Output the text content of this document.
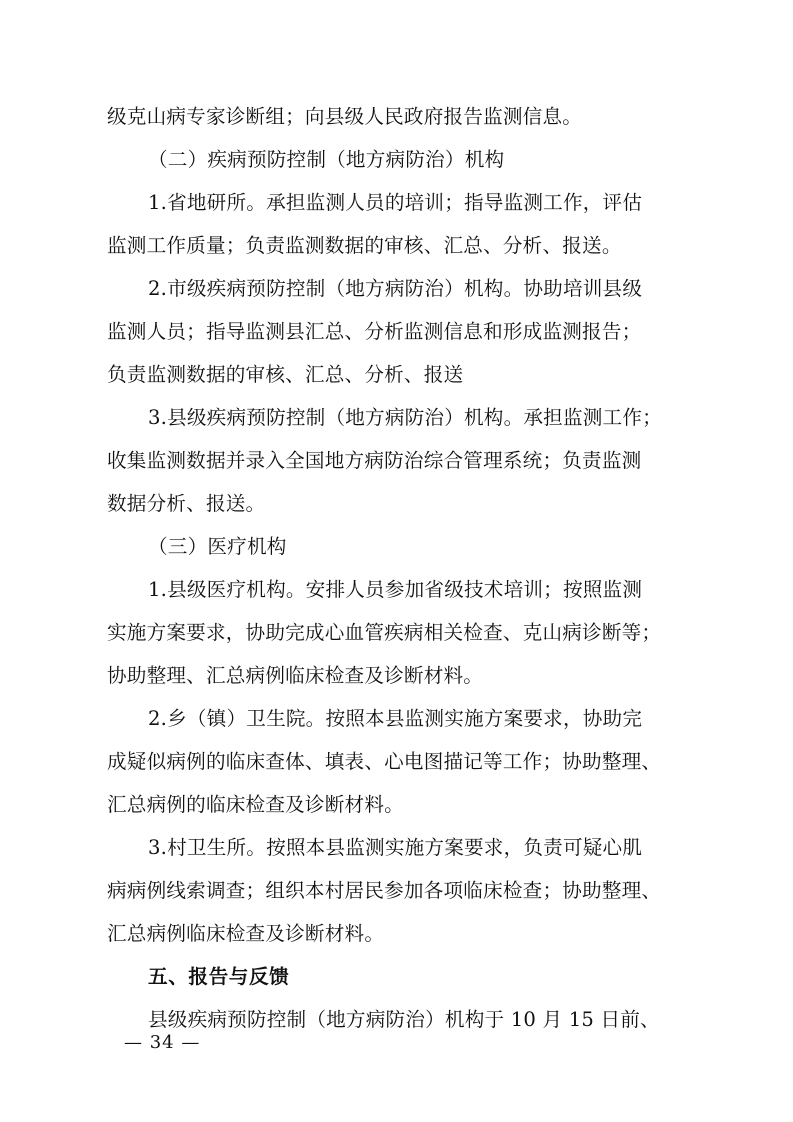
级克山病专家诊断组；向县级人民政府报告监测信息。
（二）疾病预防控制（地方病防治）机构
1.省地研所。承担监测人员的培训；指导监测工作，评估
监测工作质量；负责监测数据的审核、汇总、分析、报送。
2.市级疾病预防控制（地方病防治）机构。协助培训县级
监测人员；指导监测县汇总、分析监测信息和形成监测报告；
负责监测数据的审核、汇总、分析、报送
3.县级疾病预防控制（地方病防治）机构。承担监测工作；
收集监测数据并录入全国地方病防治综合管理系统；负责监测
数据分析、报送。
（三）医疗机构
1.县级医疗机构。安排人员参加省级技术培训；按照监测
实施方案要求，协助完成心血管疾病相关检查、克山病诊断等；
协助整理、汇总病例临床检查及诊断材料。
2.乡（镇）卫生院。按照本县监测实施方案要求，协助完
成疑似病例的临床查体、填表、心电图描记等工作；协助整理、
汇总病例的临床检查及诊断材料。
3.村卫生所。按照本县监测实施方案要求，负责可疑心肌
病病例线索调查；组织本村居民参加各项临床检查；协助整理、
汇总病例临床检查及诊断材料。
五、报告与反馈
县级疾病预防控制（地方病防治）机构于 10 月 15 日前、
— 34 —
